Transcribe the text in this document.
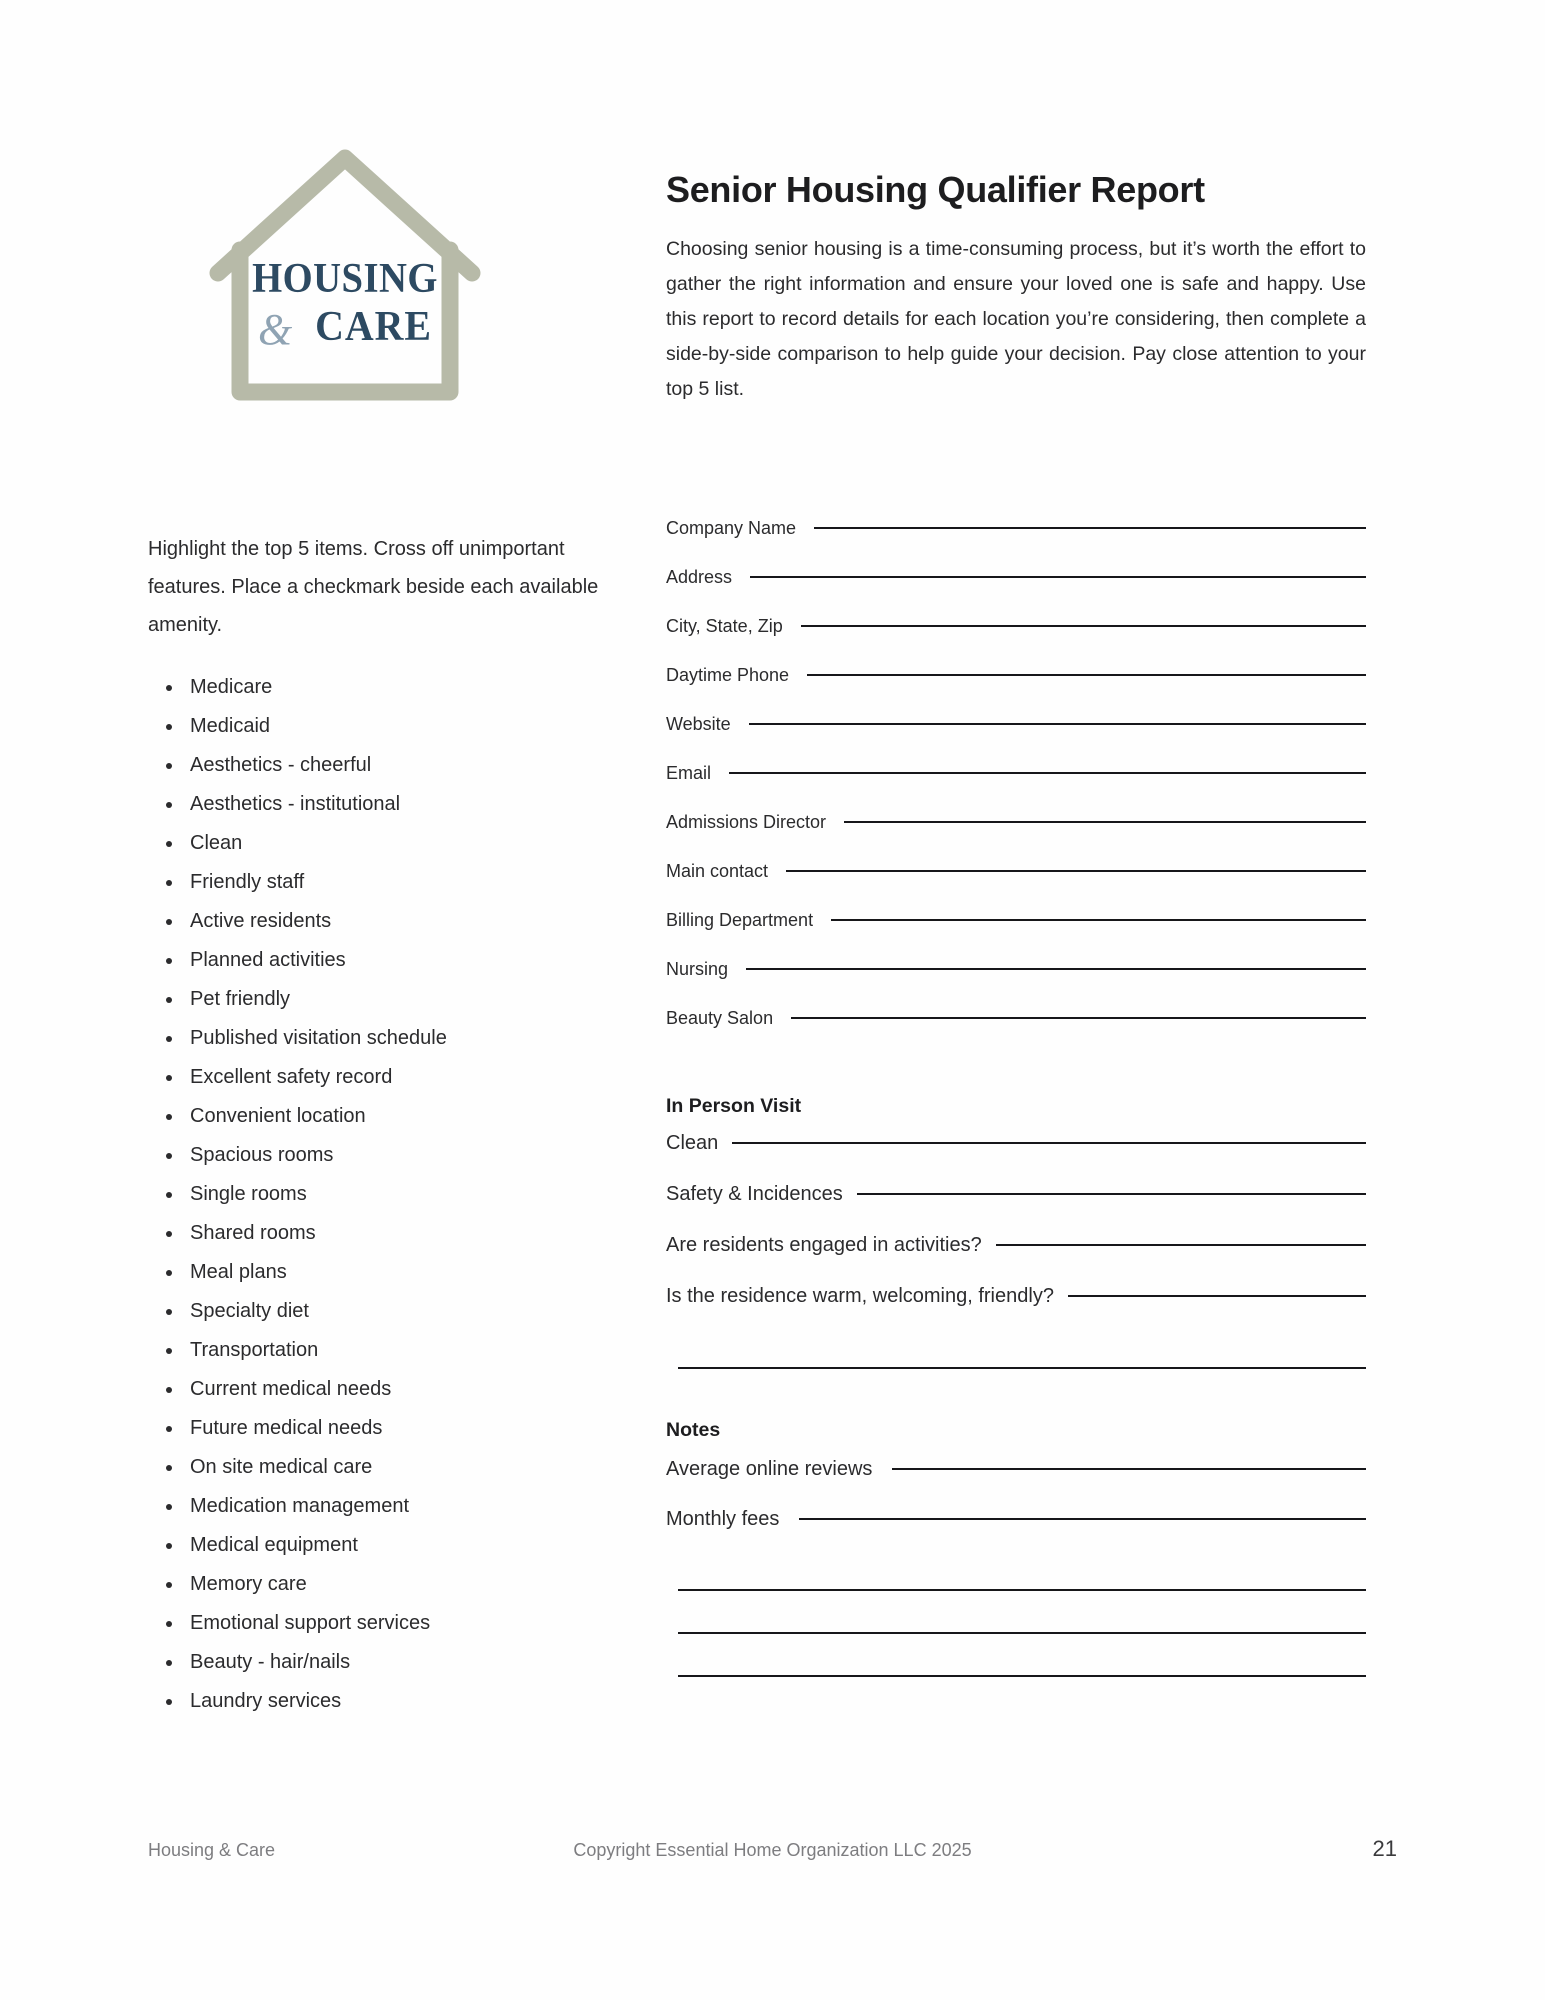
HOUSING
& CARE
Senior Housing Qualifier Report

Choosing senior housing is a time-consuming process, but it’s worth the effort to gather the right information and ensure your loved one is safe and happy. Use this report to record details for each location you’re considering, then complete a side-by-side comparison to help guide your decision. Pay close attention to your top 5 list.

Highlight the top 5 items. Cross off unimportant features. Place a checkmark beside each available amenity.

Medicare
Medicaid
Aesthetics - cheerful
Aesthetics - institutional
Clean
Friendly staff
Active residents
Planned activities
Pet friendly
Published visitation schedule
Excellent safety record
Convenient location
Spacious rooms
Single rooms
Shared rooms
Meal plans
Specialty diet
Transportation
Current medical needs
Future medical needs
On site medical care
Medication management
Medical equipment
Memory care
Emotional support services
Beauty - hair/nails
Laundry services
Company Name
Address
City, State, Zip
Daytime Phone
Website
Email
Admissions Director
Main contact
Billing Department
Nursing
Beauty Salon
In Person Visit
Clean
Safety & Incidences
Are residents engaged in activities?
Is the residence warm, welcoming, friendly?
Notes
Average online reviews
Monthly fees
Housing & Care	Copyright Essential Home Organization LLC 2025	21
